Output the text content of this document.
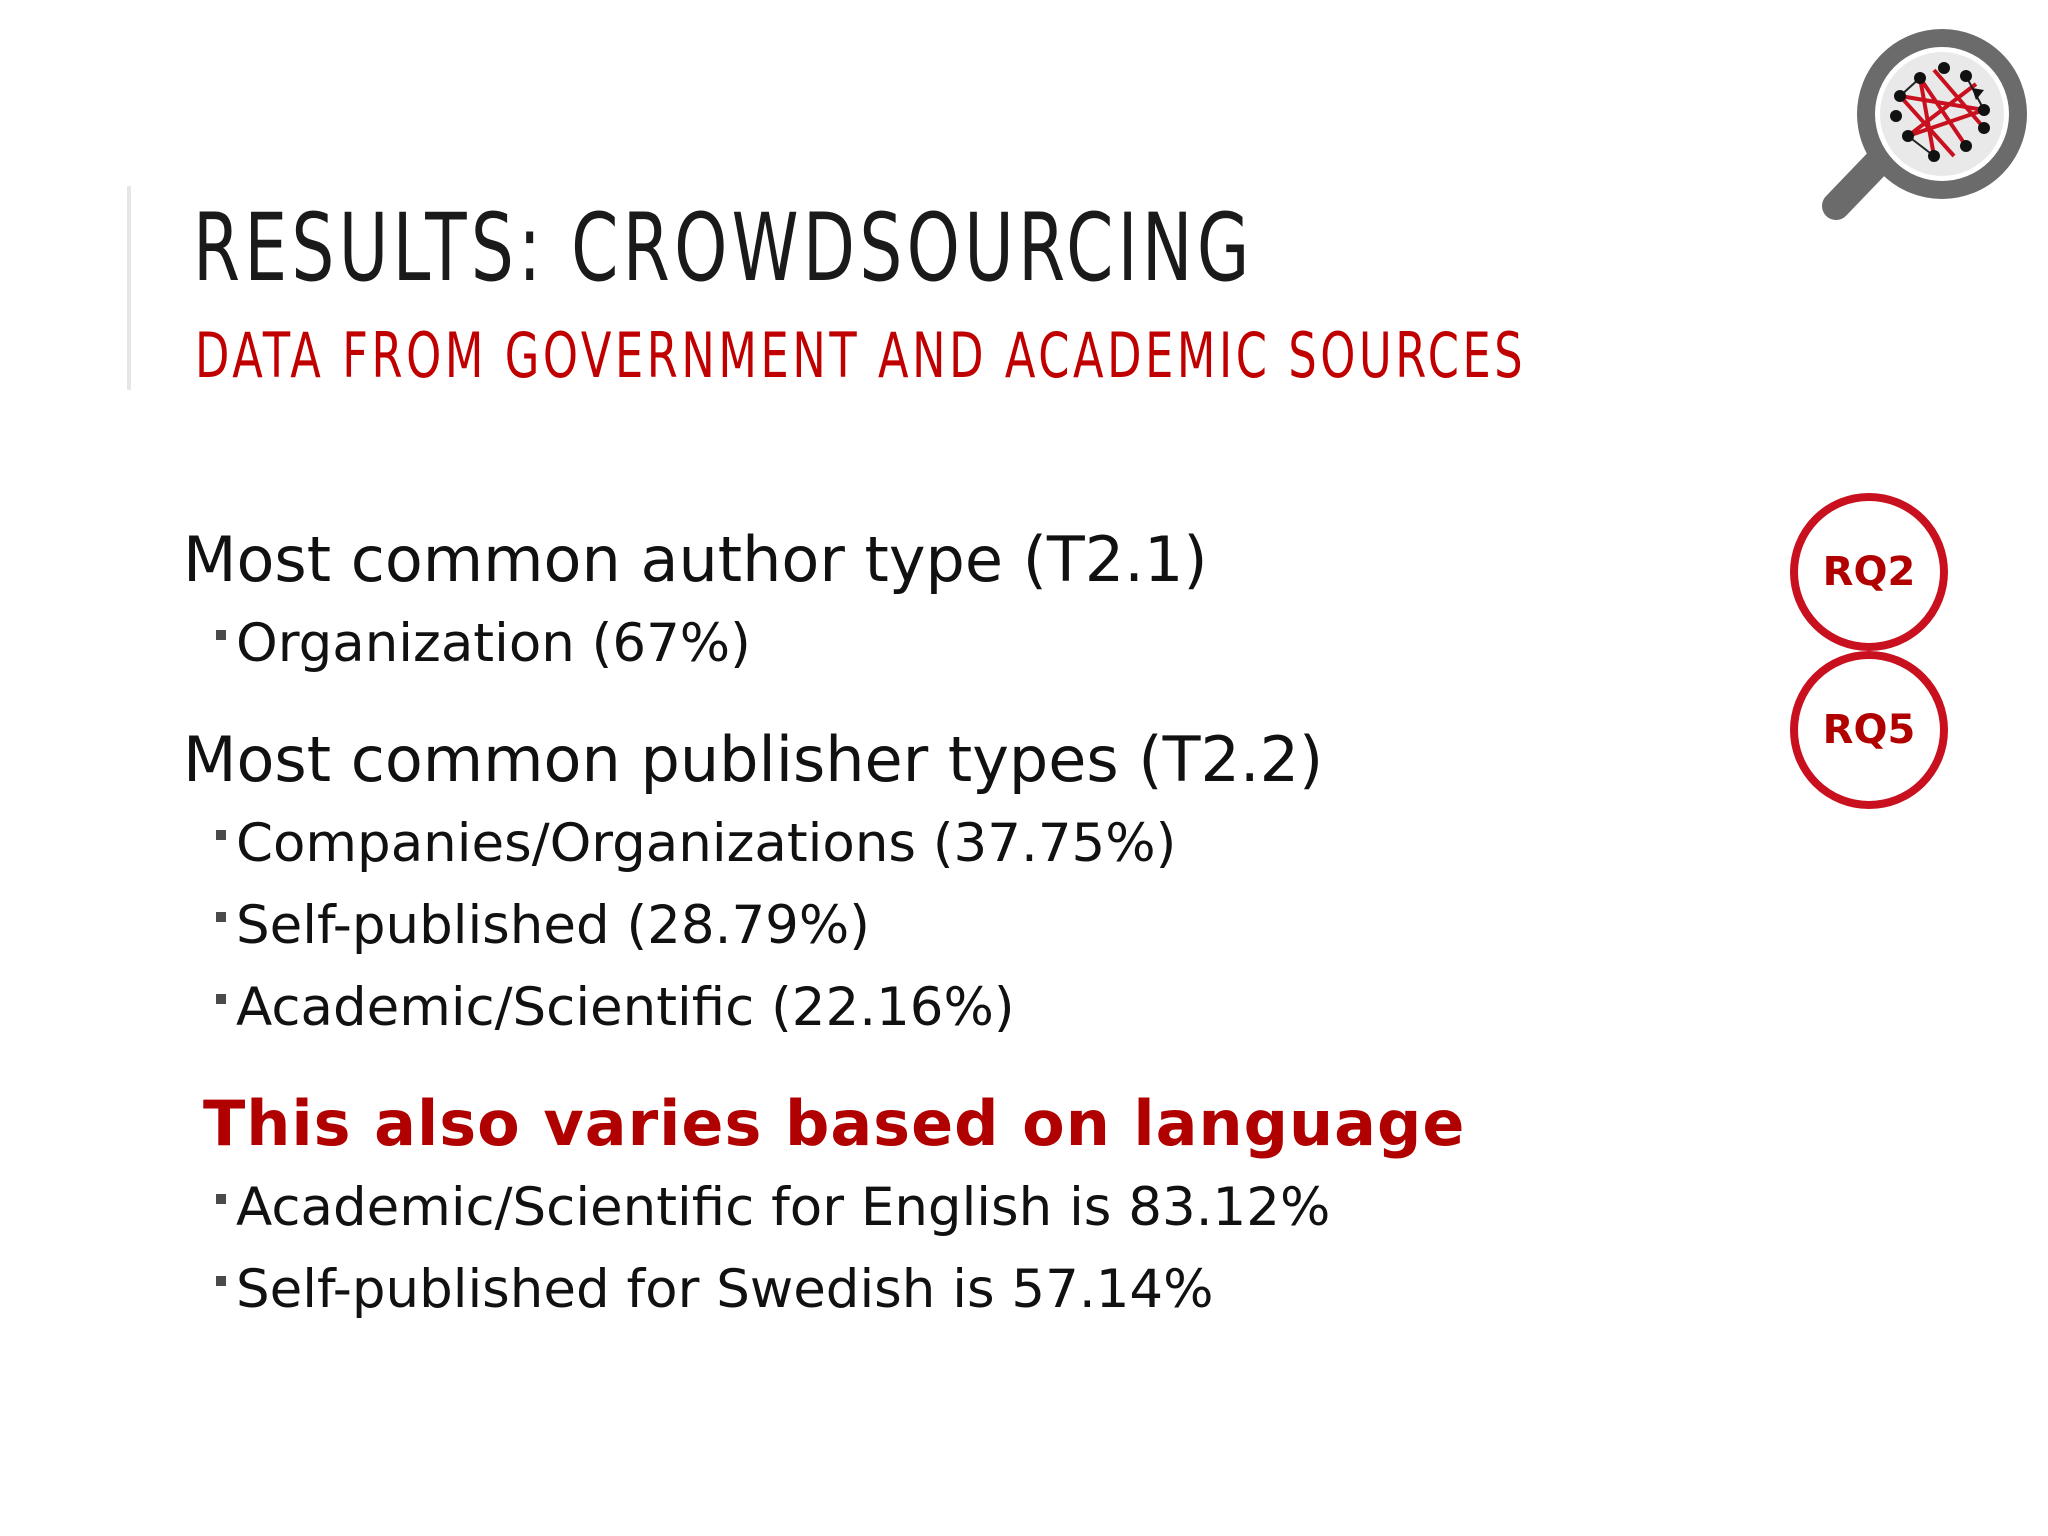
RESULTS: CROWDSOURCING
DATA FROM GOVERNMENT AND ACADEMIC SOURCES
Most common author type (T2.1)
Organization (67%)
Most common publisher types (T2.2)
Companies/Organizations (37.75%)
Self-published (28.79%)
Academic/Scientific (22.16%)
This also varies based on language
Academic/Scientific for English is 83.12%
Self-published for Swedish is 57.14%
RQ2
RQ5
